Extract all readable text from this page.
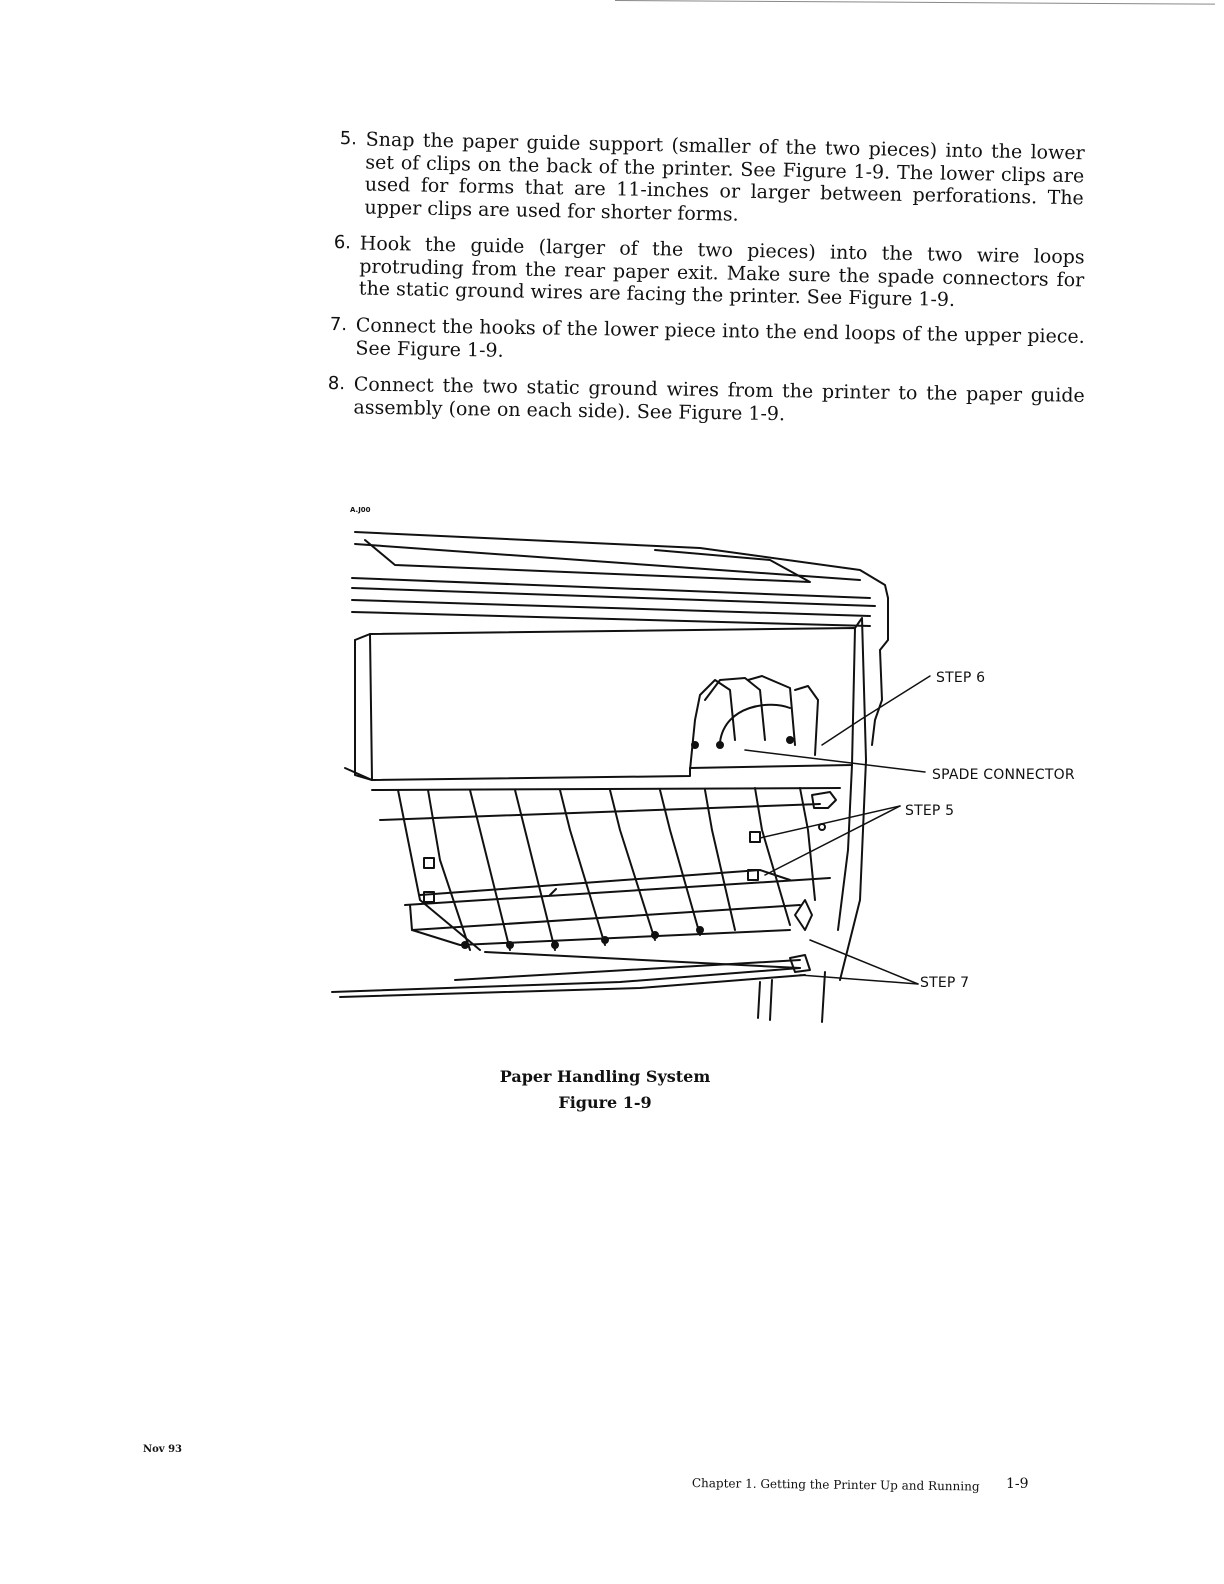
5. Snap the paper guide support (smaller of the two pieces) into the lower set of clips on the back of the printer. See Figure 1-9. The lower clips are used for forms that are 11-inches or larger between perforations. The upper clips are used for shorter forms.
6. Hook the guide (larger of the two pieces) into the two wire loops protruding from the rear paper exit. Make sure the spade connectors for the static ground wires are facing the printer. See Figure 1-9.
7. Connect the hooks of the lower piece into the end loops of the upper piece. See Figure 1-9.
8. Connect the two static ground wires from the printer to the paper guide assembly (one on each side). See Figure 1-9.
A.J00
STEP 6
SPADE CONNECTOR
STEP 5
STEP 7
Paper Handling System
Figure 1-9
Nov 93
Chapter 1. Getting the Printer Up and Running 1-9
